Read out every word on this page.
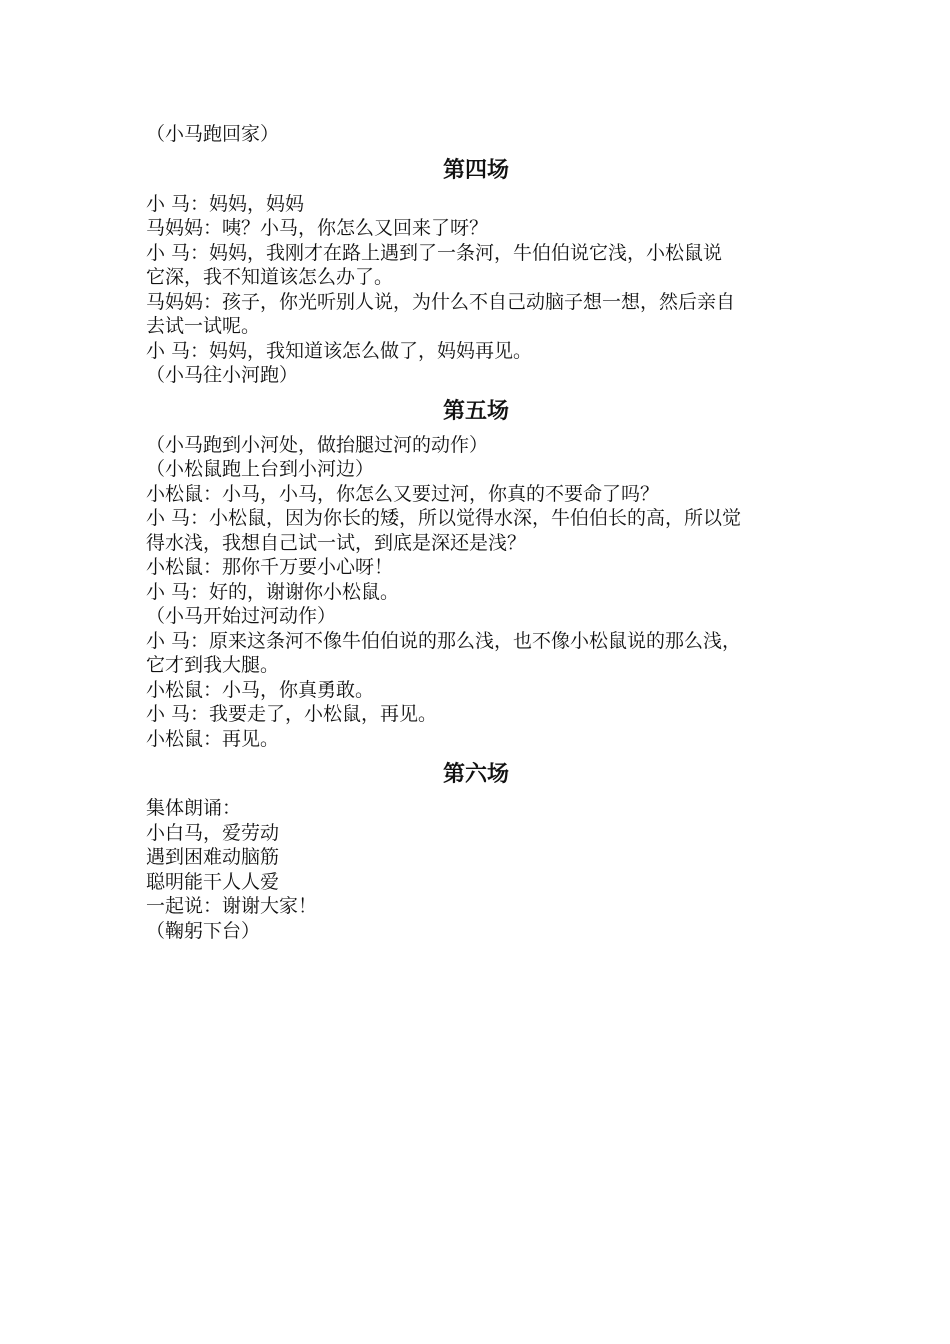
（小马跑回家）

第四场

小 马：妈妈，妈妈

马妈妈：咦？小马，你怎么又回来了呀？

小 马：妈妈，我刚才在路上遇到了一条河，牛伯伯说它浅，小松鼠说

它深，我不知道该怎么办了。

马妈妈：孩子，你光听别人说，为什么不自己动脑子想一想，然后亲自

去试一试呢。

小 马：妈妈，我知道该怎么做了，妈妈再见。

（小马往小河跑）

第五场

（小马跑到小河处，做抬腿过河的动作）

（小松鼠跑上台到小河边）

小松鼠：小马，小马，你怎么又要过河，你真的不要命了吗？

小 马：小松鼠，因为你长的矮，所以觉得水深，牛伯伯长的高，所以觉

得水浅，我想自己试一试，到底是深还是浅？

小松鼠：那你千万要小心呀！

小 马：好的，谢谢你小松鼠。

（小马开始过河动作）

小 马：原来这条河不像牛伯伯说的那么浅，也不像小松鼠说的那么浅，

它才到我大腿。

小松鼠：小马，你真勇敢。

小 马：我要走了，小松鼠，再见。

小松鼠：再见。

第六场

集体朗诵：

小白马，爱劳动

遇到困难动脑筋

聪明能干人人爱

一起说：谢谢大家！

（鞠躬下台）
